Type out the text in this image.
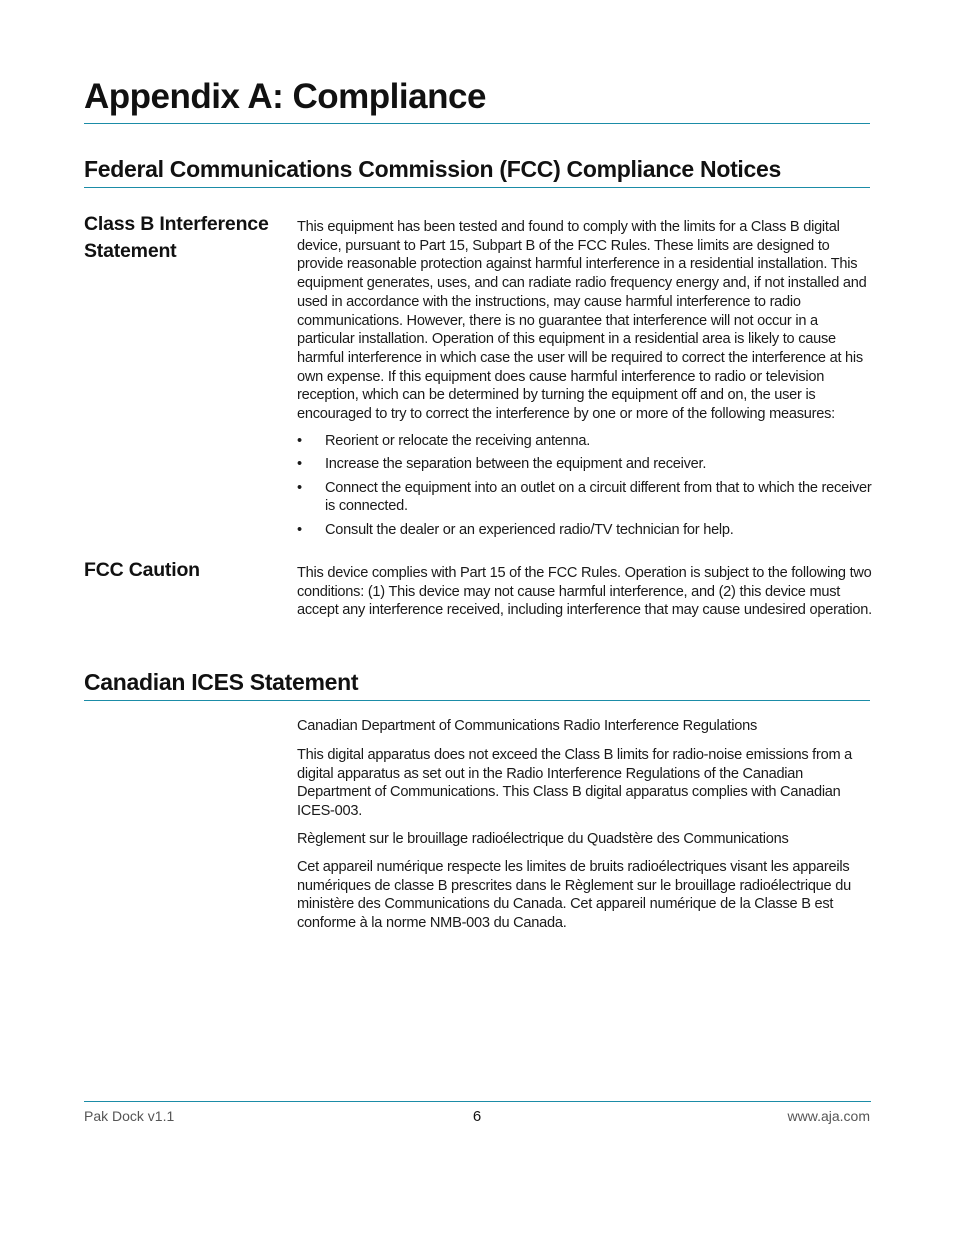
Appendix A: Compliance
Federal Communications Commission (FCC) Compliance Notices
Class B Interference Statement

This equipment has been tested and found to comply with the limits for a Class B digital device, pursuant to Part 15, Subpart B of the FCC Rules. These limits are designed to provide reasonable protection against harmful interference in a residential installation. This equipment generates, uses, and can radiate radio frequency energy and, if not installed and used in accordance with the instructions, may cause harmful interference to radio communications. However, there is no guarantee that interference will not occur in a particular installation. Operation of this equipment in a residential area is likely to cause harmful interference in which case the user will be required to correct the interference at his own expense. If this equipment does cause harmful interference to radio or television reception, which can be determined by turning the equipment off and on, the user is encouraged to try to correct the interference by one or more of the following measures:

•	Reorient or relocate the receiving antenna.
•	Increase the separation between the equipment and receiver.
•	Connect the equipment into an outlet on a circuit different from that to which the receiver is connected.
•	Consult the dealer or an experienced radio/TV technician for help.
FCC Caution	This device complies with Part 15 of the FCC Rules. Operation is subject to the following two conditions: (1) This device may not cause harmful interference, and (2) this device must accept any interference received, including interference that may cause undesired operation.

Canadian ICES Statement

Canadian Department of Communications Radio Interference Regulations

This digital apparatus does not exceed the Class B limits for radio-noise emissions from a digital apparatus as set out in the Radio Interference Regulations of the Canadian Department of Communications. This Class B digital apparatus complies with Canadian ICES-003.

Règlement sur le brouillage radioélectrique du Quadstère des Communications

Cet appareil numérique respecte les limites de bruits radioélectriques visant les appareils numériques de classe B prescrites dans le Règlement sur le brouillage radioélectrique du ministère des Communications du Canada. Cet appareil numérique de la Classe B est conforme à la norme NMB-003 du Canada.

Pak Dock v1.1	6	www.aja.com
